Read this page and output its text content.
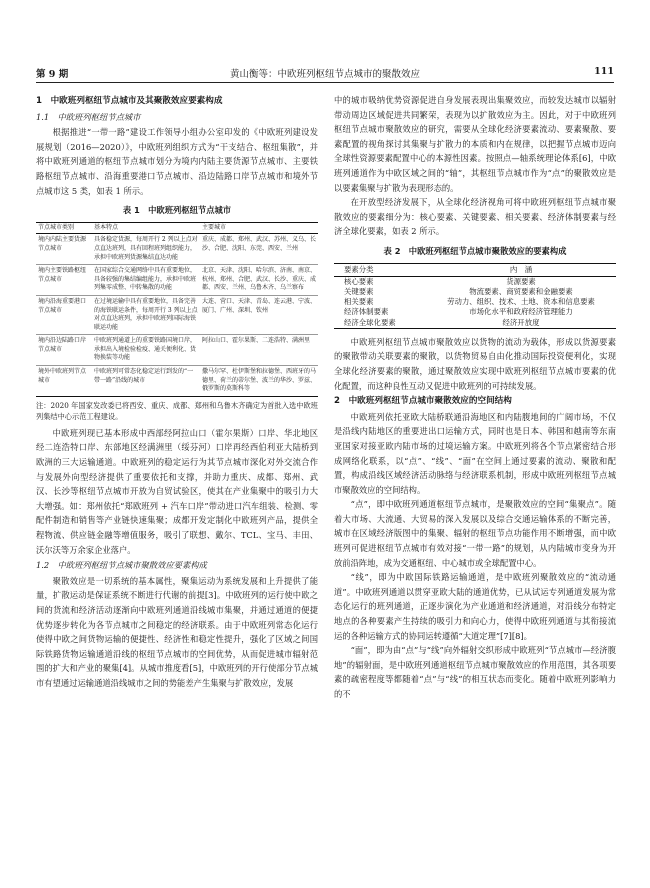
第 9 期	黄山衡等：中欧班列枢纽节点城市的聚散效应	111
1　中欧班列枢纽节点城市及其聚散效应要素构成
1.1　中欧班列枢纽节点城市

根据推进“一带一路”建设工作领导小组办公室印发的《中欧班列建设发展规划（2016—2020）》，中欧班列组织方式为“干支结合、枢纽集散”，并将中欧班列通道的枢纽节点城市划分为境内内陆主要货源节点城市、主要铁路枢纽节点城市、沿海重要港口节点城市、沿边陆路口岸节点城市和境外节点城市这 5 类，如表 1 所示。

表 1　中欧班列枢纽节点城市
节点城市类别	基本特点	主要城市
境内内陆主要货源节点城市	具备稳定货源，每周开行 2 列以上点对点直达班列，具有回程班列组织能力，承担中欧班列货源集结直达功能	重庆、成都、郑州、武汉、苏州、义乌、长沙、合肥、沈阳、东莞、西安、兰州
境内主要铁路枢纽节点城市	在国家综合交通网络中具有重要地位，具备较强的集结编组能力，承担中欧班列集零成整、中转集散的功能	北京、天津、沈阳、哈尔滨、济南、南京、杭州、郑州、合肥、武汉、长沙、重庆、成都、西安、兰州、乌鲁木齐、乌兰察布
境内沿海重要港口节点城市	在过境运输中具有重要地位，具备完善的海铁联运条件，每周开行 3 列以上点对点直达班列，承担中欧班列国际海铁联运功能	大连、营口、天津、青岛、连云港、宁波、厦门、广州、深圳、钦州
境内沿边陆路口岸节点城市	中欧班列通道上的重要铁路国境口岸，承担出入境检验检疫、通关便利化、货物换装等功能	阿拉山口、霍尔果斯、二连浩特、满洲里
境外中欧班列节点城市	中欧班列可常态化稳定运行到发的“一带一路”沿线的城市	撒马尔罕、杜伊斯堡和拉德堡、西班牙的马德里、荷兰的蒂尔堡、波兰的华沙、罗兹、俄罗斯的莫斯科等

注：2020 年国家发改委已将西安、重庆、成都、郑州和乌鲁木齐确定为首批入选中欧班列集结中心示范工程建设。

中欧班列现已基本形成中西部经阿拉山口（霍尔果斯）口岸、华北地区经二连浩特口岸、东部地区经满洲里（绥芬河）口岸再经西伯利亚大陆桥到欧洲的三大运输通道。中欧班列的稳定运行为其节点城市深化对外交流合作与发展外向型经济提供了重要依托和支撑，并助力重庆、成都、郑州、武汉、长沙等枢纽节点城市开放为自贸试验区，使其在产业集聚中的吸引力大大增强。如：郑州依托“郑欧班列 + 汽车口岸”带动进口汽车组装、检测、零配件制造和销售等产业链快速集聚；成都开发定制化中欧班列产品，提供全程物流、供应链金融等增值服务，吸引了联想、戴尔、TCL、宝马、丰田、沃尔沃等万余家企业落户。

1.2　中欧班列枢纽节点城市聚散效应要素构成

聚散效应是一切系统的基本属性，聚集运动为系统发展和上升提供了能量，扩散运动是保证系统不断进行代谢的前提[3]。中欧班列的运行使中欧之间的货流和经济活动逐渐向中欧班列通道沿线城市集聚，并通过通道的便捷优势逐步转化为各节点城市之间稳定的经济联系。由于中欧班列常态化运行使得中欧之间货物运输的便捷性、经济性和稳定性提升，强化了区域之间国际铁路货物运输通道沿线的枢纽节点城市的空间优势，从而促进城市辐射范围的扩大和产业的聚集[4]。从城市推度看[5]，中欧班列的开行使部分节点城市有望通过运输通道沿线城市之间的势能差产生集聚与扩散效应，发展

中的城市吸纳优势资源促进自身发展表现出集聚效应，而较发达城市以辐射带动周边区域促进共同繁荣，表现为以扩散效应为主。因此，对于中欧班列枢纽节点城市聚散效应的研究，需要从全球化经济要素流动、要素聚散、要素配置的视角探讨其集聚与扩散力的本质和内在规律，以把握节点城市迈向全球性资源要素配置中心的本源性因素。按照点—轴系统理论体系[6]，中欧班列通道作为中欧区域之间的“轴”，其枢纽节点城市作为“点”的聚散效应是以要素集聚与扩散为表现形态的。

在开放型经济发展下，从全球化经济视角可将中欧班列枢纽节点城市聚散效应的要素细分为：核心要素、关键要素、相关要素、经济体制要素与经济全球化要素，如表 2 所示。

表 2　中欧班列枢纽节点城市聚散效应的要素构成
要素分类	内　涵
核心要素	货源要素
关键要素	物流要素、商贸要素和金融要素
相关要素	劳动力、组织、技术、土地、资本和信息要素
经济体制要素	市场化水平和政府经济管理能力
经济全球化要素	经济开放度

中欧班列枢纽节点城市聚散效应以货物的流动为载体，形成以货源要素的聚散带动关联要素的聚散，以货物贸易自由化推动国际投资便利化，实现全球化经济要素的聚散，通过聚散效应实现中欧班列枢纽节点城市要素的优化配置，而这种良性互动又促进中欧班列的可持续发展。

2　中欧班列枢纽节点城市聚散效应的空间结构

中欧班列依托亚欧大陆桥联通沿海地区和内陆腹地间的广阔市场，不仅是沿线内陆地区的重要进出口运输方式，同时也是日本、韩国和越南等东南亚国家对接亚欧内陆市场的过境运输方案。中欧班列将各个节点紧密结合形成网络化联系，以“点”、“线”、“面”在空间上通过要素的流动、聚散和配置，构成沿线区域经济活动脉络与经济联系机制，形成中欧班列枢纽节点城市聚散效应的空间结构。

“点”，即中欧班列通道枢纽节点城市，是聚散效应的空间“集聚点”。随着大市场、大流通、大贸易的深入发展以及综合交通运输体系的不断完善，城市在区域经济版图中的集聚、辐射的枢纽节点功能作用不断增强，而中欧班列可促进枢纽节点城市有效对接“一带一路”的规划，从内陆城市变身为开放前沿阵地，成为交通枢纽、中心城市或全球配置中心。

“线”，即为中欧国际铁路运输通道，是中欧班列聚散效应的“流动通道”。中欧班列通道以贯穿亚欧大陆的通道优势，已从试运专列通道发展为常态化运行的班列通道，正逐步演化为产业通道和经济通道，对沿线分布特定地点的各种要素产生持续的吸引力和向心力，使得中欧班列通道与其衔接流运的各种运输方式的协同运转遵循“大道定理”[7][8]。

“面”，即为由“点”与“线”向外辐射交织形成中欧班列“节点城市—经济腹地”的辐射面，是中欧班列通道枢纽节点城市聚散效应的作用范围，其各项要素的疏密程度等都随着“点”与“线”的相互状态而变化。随着中欧班列影响力的不
